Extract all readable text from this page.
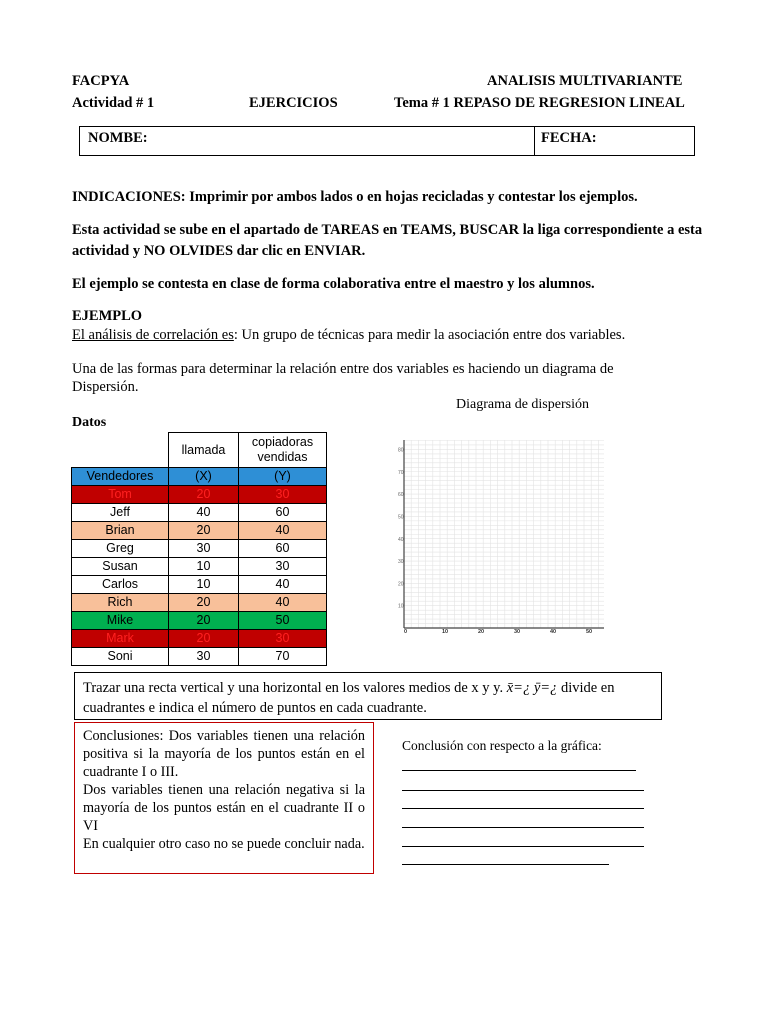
FACPYA	ANALISIS MULTIVARIANTE
Actividad # 1	EJERCICIOS	Tema # 1 REPASO DE REGRESION LINEAL
NOMBE:	FECHA:
INDICACIONES: Imprimir por ambos lados o en hojas recicladas y contestar los ejemplos.
Esta actividad se sube en el apartado de TAREAS en TEAMS, BUSCAR la liga correspondiente a esta actividad y NO OLVIDES dar clic en ENVIAR.
El ejemplo se contesta en clase de forma colaborativa entre el maestro y los alumnos.
EJEMPLO
El análisis de correlación es: Un grupo de técnicas para medir la asociación entre dos variables.
Una de las formas para determinar la relación entre dos variables es haciendo un diagrama de Dispersión.
Diagrama de dispersión
Datos
	llamada	copiadoras vendidas
Vendedores	(X)	(Y)
Tom	20	30
Jeff	40	60
Brian	20	40
Greg	30	60
Susan	10	30
Carlos	10	40
Rich	20	40
Mike	20	50
Mark	20	30
Soni	30	70
0	10	20	30	40	50
80
70
60
50
40
30
20
10
Trazar una recta vertical y una horizontal en los valores medios de x y y. x̄=¿ ȳ=¿ divide en cuadrantes e indica el número de puntos en cada cuadrante.
Conclusiones: Dos variables tienen una relación positiva si la mayoría de los puntos están en el cuadrante I o III.
Dos variables tienen una relación negativa si la mayoría de los puntos están en el cuadrante II o VI
En cualquier otro caso no se puede concluir nada.
Conclusión con respecto a la gráfica:
